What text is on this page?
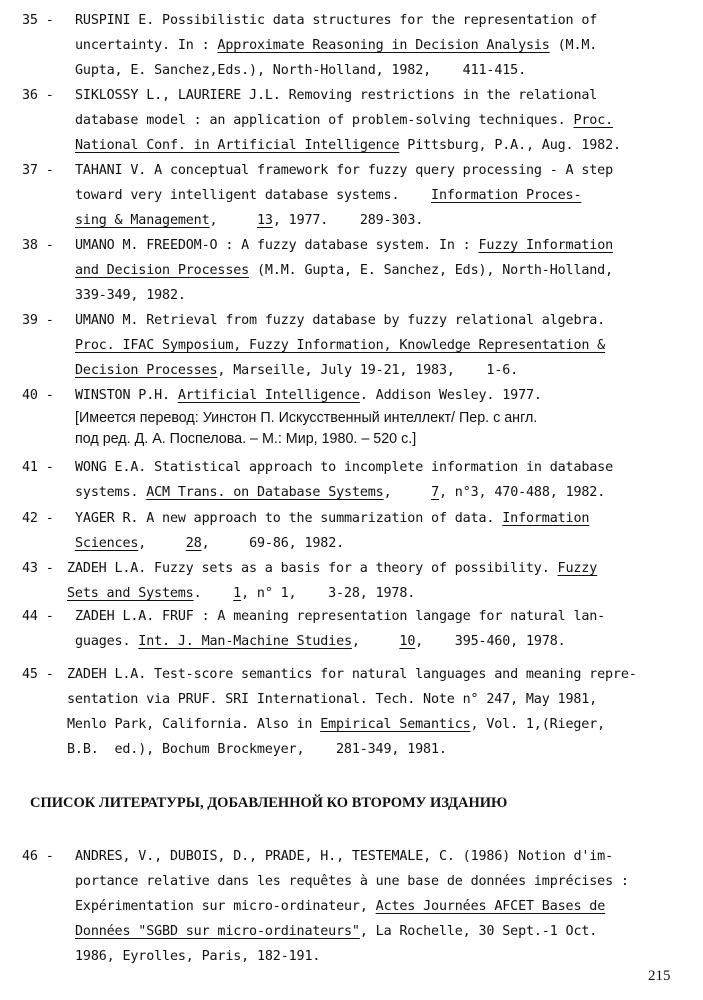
35 - RUSPINI E. Possibilistic data structures for the representation of
uncertainty. In : Approximate Reasoning in Decision Analysis (M.M.
Gupta, E. Sanchez,Eds.), North-Holland, 1982,    411-415.
36 - SIKLOSSY L., LAURIERE J.L. Removing restrictions in the relational
database model : an application of problem-solving techniques. Proc.
National Conf. in Artificial Intelligence Pittsburg, P.A., Aug. 1982.
37 - TAHANI V. A conceptual framework for fuzzy query processing - A step
toward very intelligent database systems.    Information Proces-
sing & Management,     13, 1977.    289-303.
38 - UMANO M. FREEDOM-O : A fuzzy database system. In : Fuzzy Information
and Decision Processes (M.M. Gupta, E. Sanchez, Eds), North-Holland,
339-349, 1982.
39 - UMANO M. Retrieval from fuzzy database by fuzzy relational algebra.
Proc. IFAC Symposium, Fuzzy Information, Knowledge Representation &
Decision Processes, Marseille, July 19-21, 1983,    1-6.
40 - WINSTON P.H. Artificial Intelligence. Addison Wesley. 1977.
[Имеется перевод: Уинстон П. Искусственный интеллект/ Пер. с англ.
под ред. Д. А. Поспелова. – М.: Мир, 1980. – 520 с.]
41 - WONG E.A. Statistical approach to incomplete information in database
systems. ACM Trans. on Database Systems,     7, n°3, 470-488, 1982.
42 - YAGER R. A new approach to the summarization of data. Information
Sciences,     28,     69-86, 1982.
43 - ZADEH L.A. Fuzzy sets as a basis for a theory of possibility. Fuzzy
Sets and Systems.    1, n° 1,    3-28, 1978.
44 - ZADEH L.A. FRUF : A meaning representation langage for natural lan-
guages. Int. J. Man-Machine Studies,     10,    395-460, 1978.
45 - ZADEH L.A. Test-score semantics for natural languages and meaning repre-
sentation via PRUF. SRI International. Tech. Note n° 247, May 1981,
Menlo Park, California. Also in Empirical Semantics, Vol. 1,(Rieger,
B.B.  ed.), Bochum Brockmeyer,    281-349, 1981.
46 - ANDRES, V., DUBOIS, D., PRADE, H., TESTEMALE, C. (1986) Notion d'im-
portance relative dans les requêtes à une base de données imprécises :
Expérimentation sur micro-ordinateur, Actes Journées AFCET Bases de
Données "SGBD sur micro-ordinateurs", La Rochelle, 30 Sept.-1 Oct.
1986, Eyrolles, Paris, 182-191.
СПИСОК ЛИТЕРАТУРЫ, ДОБАВЛЕННОЙ КО ВТОРОМУ ИЗДАНИЮ
215
